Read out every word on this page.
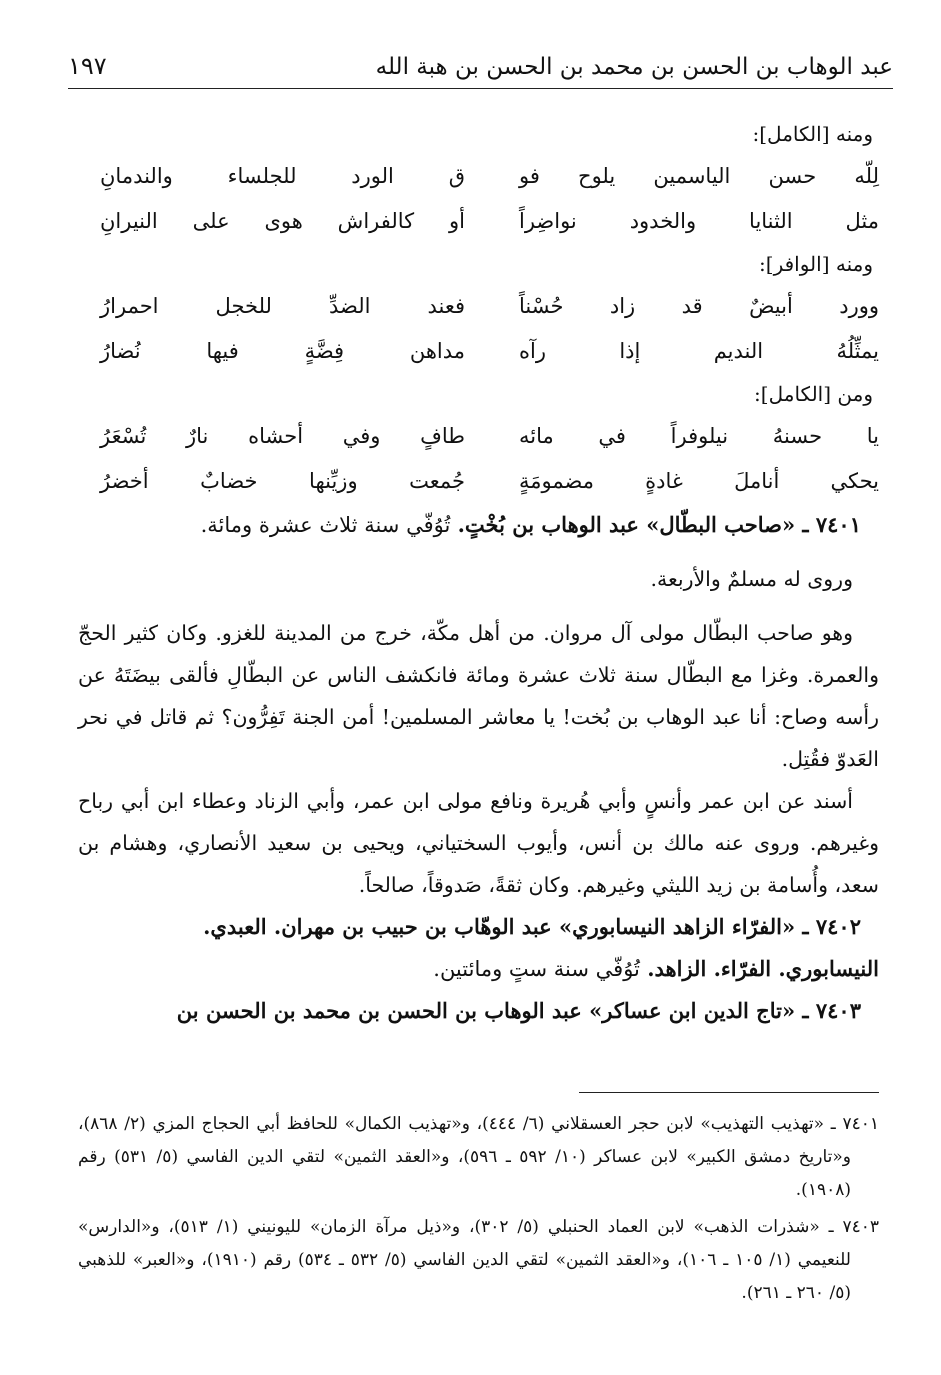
١٩٧	عبد الوهاب بن الحسن بن محمد بن الحسن بن هبة الله
ومنه [الكامل]:
لِلّه حسن الياسمين يلوح فو
ق الورد للجلساء والندمانِ
مثل الثنايا والخدود نواضِراً
أو كالفراش هوى على النيرانِ
ومنه [الوافر]:
وورد أبيضٌ قد زاد حُسْناً
فعند الضدِّ للخجل احمرارُ
يمثِّلُهُ النديم إذا رآه
مداهن فِضَّةٍ فيها نُضارُ
ومن [الكامل]:
يا حسنهُ نيلوفراً في مائه
طافٍ وفي أحشاه نارٌ تُسْعَرُ
يحكي أناملَ غادةٍ مضمومَةٍ
جُمعت وزيِّنها خضابٌ أخضرُ
٧٤٠١ ـ «صاحب البطّال» عبد الوهاب بن بُخْتٍ. تُوُفّي سنة ثلاث عشرة ومائة.

وروى له مسلمٌ والأربعة.

وهو صاحب البطّال مولى آل مروان. من أهل مكّة، خرج من المدينة للغزو. وكان كثير الحجّ والعمرة. وغزا مع البطّال سنة ثلاث عشرة ومائة فانكشف الناس عن البطّالِ فألقى بيضَتَهُ عن رأسه وصاح: أنا عبد الوهاب بن بُخت! يا معاشر المسلمين! أمن الجنة تَفِرُّون؟ ثم قاتل في نحر العَدوّ فقُتِل.

أسند عن ابن عمر وأنسٍ وأبي هُريرة ونافع مولى ابن عمر، وأبي الزناد وعطاء ابن أبي رباح وغيرهم. وروى عنه مالك بن أنس، وأيوب السختياني، ويحيى بن سعيد الأنصاري، وهشام بن سعد، وأُسامة بن زيد الليثي وغيرهم. وكان ثقةً، صَدوقاً، صالحاً.

٧٤٠٢ ـ «الفرّاء الزاهد النيسابوري» عبد الوهّاب بن حبيب بن مهران. العبدي.
النيسابوري. الفرّاء. الزاهد. تُوُفّي سنة ستٍ ومائتين.
٧٤٠٣ ـ «تاج الدين ابن عساكر» عبد الوهاب بن الحسن بن محمد بن الحسن بن

٧٤٠١ ـ «تهذيب التهذيب» لابن حجر العسقلاني (٦/ ٤٤٤)، و«تهذيب الكمال» للحافظ أبي الحجاج المزي (٢/ ٨٦٨)، و«تاريخ دمشق الكبير» لابن عساكر (١٠/ ٥٩٢ ـ ٥٩٦)، و«العقد الثمين» لتقي الدين الفاسي (٥/ ٥٣١) رقم (١٩٠٨).

٧٤٠٣ ـ «شذرات الذهب» لابن العماد الحنبلي (٥/ ٣٠٢)، و«ذيل مرآة الزمان» لليونيني (١/ ٥١٣)، و«الدارس» للنعيمي (١/ ١٠٥ ـ ١٠٦)، و«العقد الثمين» لتقي الدين الفاسي (٥/ ٥٣٢ ـ ٥٣٤) رقم (١٩١٠)، و«العبر» للذهبي (٥/ ٢٦٠ ـ ٢٦١).
